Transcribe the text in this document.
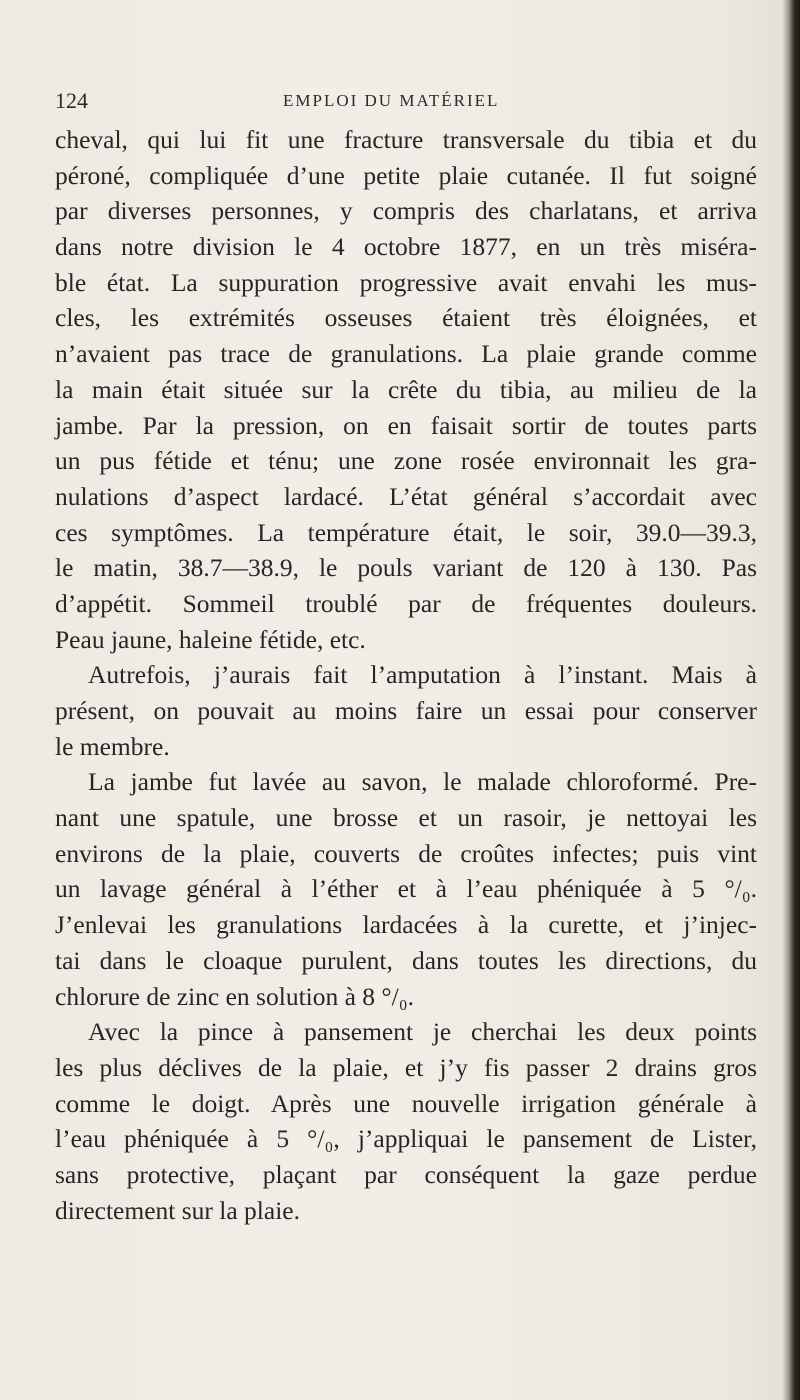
124	EMPLOI DU MATÉRIEL
cheval, qui lui fit une fracture transversale du tibia et du
péroné, compliquée d’une petite plaie cutanée. Il fut soigné
par diverses personnes, y compris des charlatans, et arriva
dans notre division le 4 octobre 1877, en un très miséra-
ble état. La suppuration progressive avait envahi les mus-
cles, les extrémités osseuses étaient très éloignées, et
n’avaient pas trace de granulations. La plaie grande comme
la main était située sur la crête du tibia, au milieu de la
jambe. Par la pression, on en faisait sortir de toutes parts
un pus fétide et ténu; une zone rosée environnait les gra-
nulations d’aspect lardacé. L’état général s’accordait avec
ces symptômes. La température était, le soir, 39.0—39.3,
le matin, 38.7—38.9, le pouls variant de 120 à 130. Pas
d’appétit. Sommeil troublé par de fréquentes douleurs.
Peau jaune, haleine fétide, etc.
Autrefois, j’aurais fait l’amputation à l’instant. Mais à
présent, on pouvait au moins faire un essai pour conserver
le membre.
La jambe fut lavée au savon, le malade chloroformé. Pre-
nant une spatule, une brosse et un rasoir, je nettoyai les
environs de la plaie, couverts de croûtes infectes; puis vint
un lavage général à l’éther et à l’eau phéniquée à 5 °/₀.
J’enlevai les granulations lardacées à la curette, et j’injec-
tai dans le cloaque purulent, dans toutes les directions, du
chlorure de zinc en solution à 8 °/₀.
Avec la pince à pansement je cherchai les deux points
les plus déclives de la plaie, et j’y fis passer 2 drains gros
comme le doigt. Après une nouvelle irrigation générale à
l’eau phéniquée à 5 °/₀, j’appliquai le pansement de Lister,
sans protective, plaçant par conséquent la gaze perdue
directement sur la plaie.
